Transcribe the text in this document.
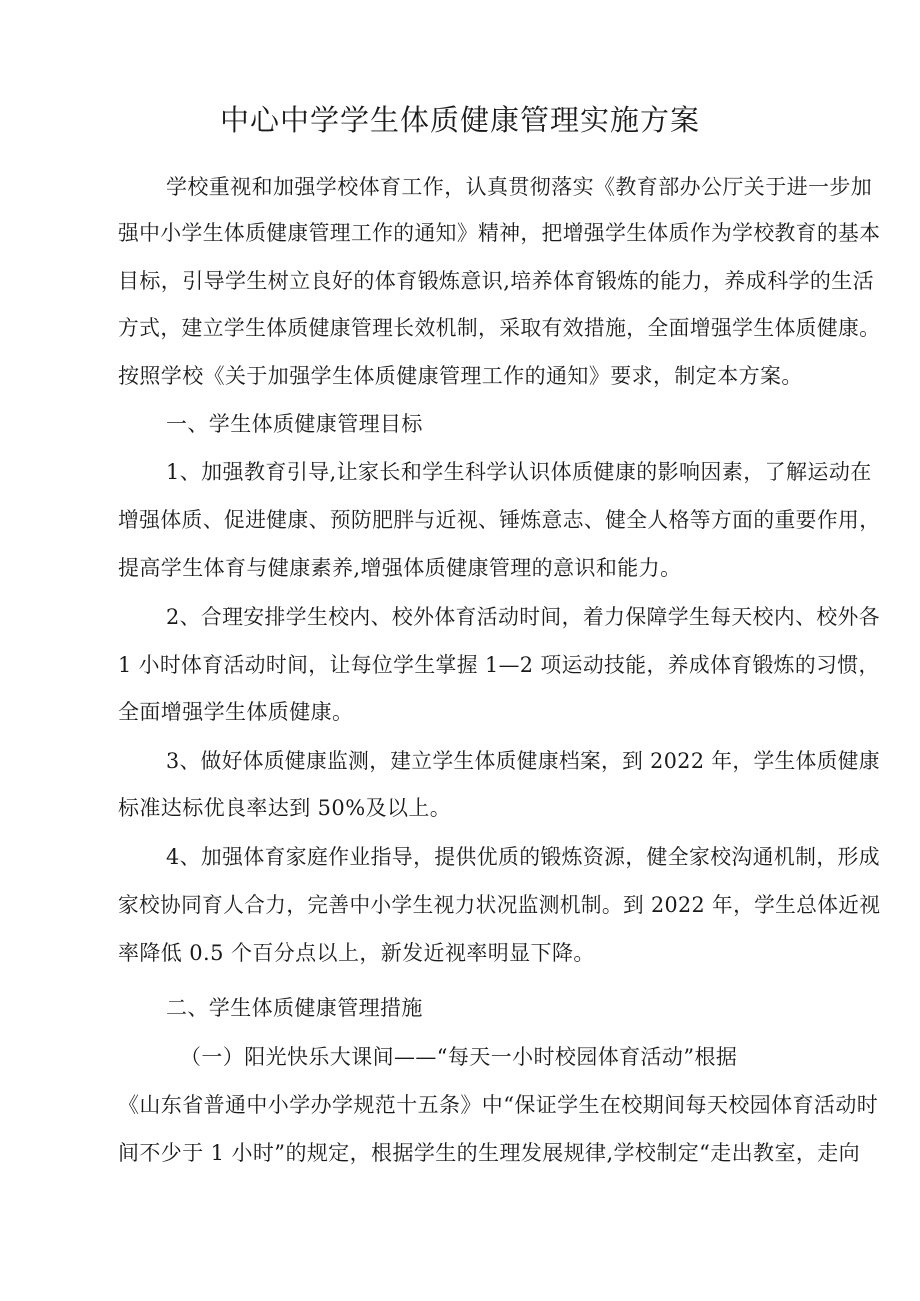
中心中学学生体质健康管理实施方案
学校重视和加强学校体育工作，认真贯彻落实《教育部办公厅关于进一步加
强中小学生体质健康管理工作的通知》精神，把增强学生体质作为学校教育的基本
目标，引导学生树立良好的体育锻炼意识,培养体育锻炼的能力，养成科学的生活
方式，建立学生体质健康管理长效机制，采取有效措施，全面增强学生体质健康。
按照学校《关于加强学生体质健康管理工作的通知》要求，制定本方案。
一、学生体质健康管理目标
1、加强教育引导,让家长和学生科学认识体质健康的影响因素，了解运动在
增强体质、促进健康、预防肥胖与近视、锤炼意志、健全人格等方面的重要作用，
提高学生体育与健康素养,增强体质健康管理的意识和能力。
2、合理安排学生校内、校外体育活动时间，着力保障学生每天校内、校外各
1 小时体育活动时间，让每位学生掌握 1—2 项运动技能，养成体育锻炼的习惯，
全面增强学生体质健康。
3、做好体质健康监测，建立学生体质健康档案，到 2022 年，学生体质健康
标准达标优良率达到 50%及以上。
4、加强体育家庭作业指导，提供优质的锻炼资源，健全家校沟通机制，形成
家校协同育人合力，完善中小学生视力状况监测机制。到 2022 年，学生总体近视
率降低 0.5 个百分点以上，新发近视率明显下降。
二、学生体质健康管理措施
（一）阳光快乐大课间——“每天一小时校园体育活动”根据
《山东省普通中小学办学规范十五条》中“保证学生在校期间每天校园体育活动时
间不少于 1 小时”的规定，根据学生的生理发展规律,学校制定“走出教室，走向
